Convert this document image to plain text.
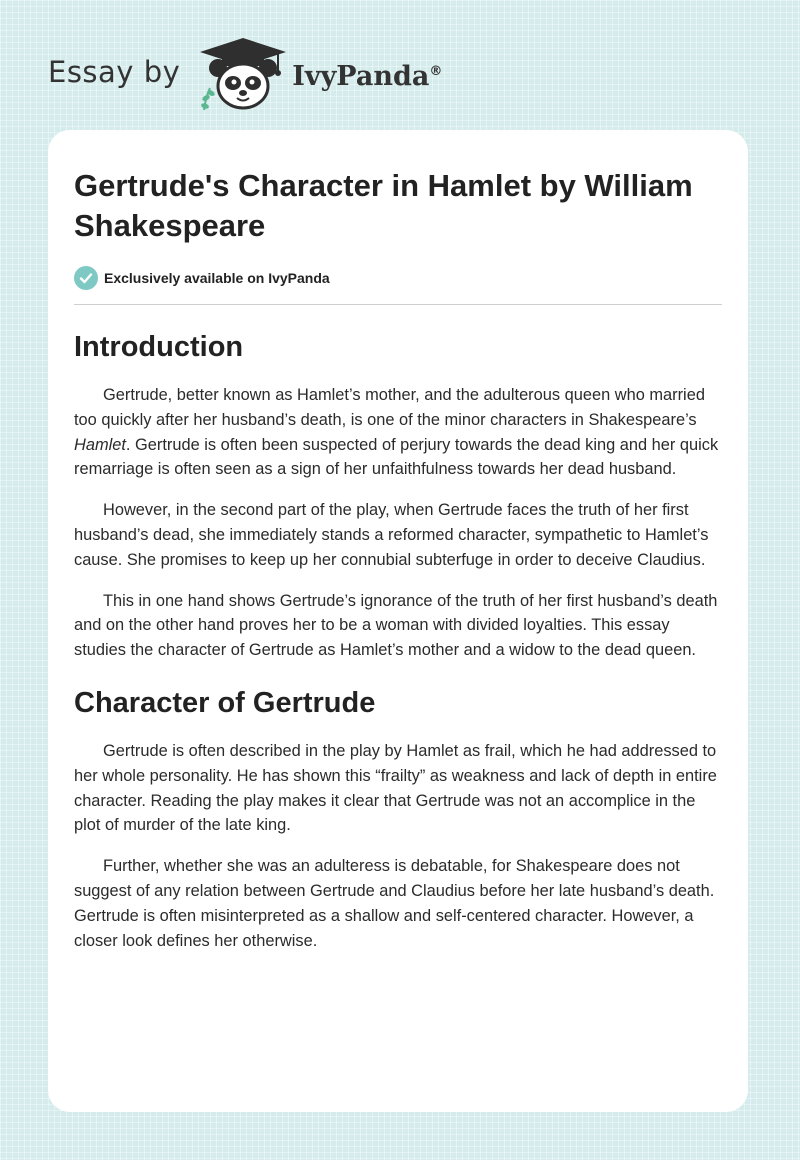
Essay by	IvyPanda®
Gertrude's Character in Hamlet by William Shakespeare
Exclusively available on IvyPanda
Introduction

Gertrude, better known as Hamlet’s mother, and the adulterous queen who married too quickly after her husband’s death, is one of the minor characters in Shakespeare’s Hamlet. Gertrude is often been suspected of perjury towards the dead king and her quick remarriage is often seen as a sign of her unfaithfulness towards her dead husband.

However, in the second part of the play, when Gertrude faces the truth of her first husband’s dead, she immediately stands a reformed character, sympathetic to Hamlet’s cause. She promises to keep up her connubial subterfuge in order to deceive Claudius.

This in one hand shows Gertrude’s ignorance of the truth of her first husband’s death and on the other hand proves her to be a woman with divided loyalties. This essay studies the character of Gertrude as Hamlet’s mother and a widow to the dead queen.

Character of Gertrude

Gertrude is often described in the play by Hamlet as frail, which he had addressed to her whole personality. He has shown this “frailty” as weakness and lack of depth in entire character. Reading the play makes it clear that Gertrude was not an accomplice in the plot of murder of the late king.

Further, whether she was an adulteress is debatable, for Shakespeare does not suggest of any relation between Gertrude and Claudius before her late husband’s death. Gertrude is often misinterpreted as a shallow and self-centered character. However, a closer look defines her otherwise.
